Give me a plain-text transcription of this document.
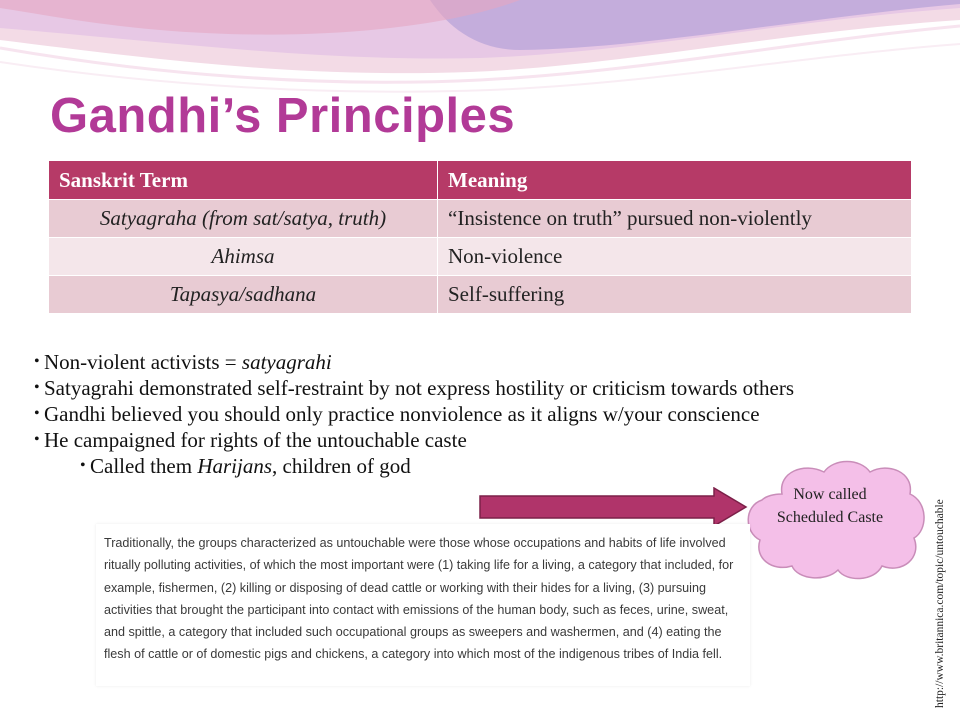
Gandhi’s Principles
Sanskrit Term	Meaning
Satyagraha (from sat/satya, truth)	“Insistence on truth” pursued non-violently
Ahimsa	Non-violence
Tapasya/sadhana	Self-suffering
• Non-violent activists = satyagrahi
• Satyagrahi demonstrated self-restraint by not express hostility or criticism towards others
• Gandhi believed you should only practice nonviolence as it aligns w/your conscience
• He campaigned for rights of the untouchable caste
• Called them Harijans, children of god
Now called Scheduled Caste

Traditionally, the groups characterized as untouchable were those whose occupations and habits of life involved ritually polluting activities, of which the most important were (1) taking life for a living, a category that included, for example, fishermen, (2) killing or disposing of dead cattle or working with their hides for a living, (3) pursuing activities that brought the participant into contact with emissions of the human body, such as feces, urine, sweat, and spittle, a category that included such occupational groups as sweepers and washermen, and (4) eating the flesh of cattle or of domestic pigs and chickens, a category into which most of the indigenous tribes of India fell.	http://www.britannica.com/topic/untouchable
